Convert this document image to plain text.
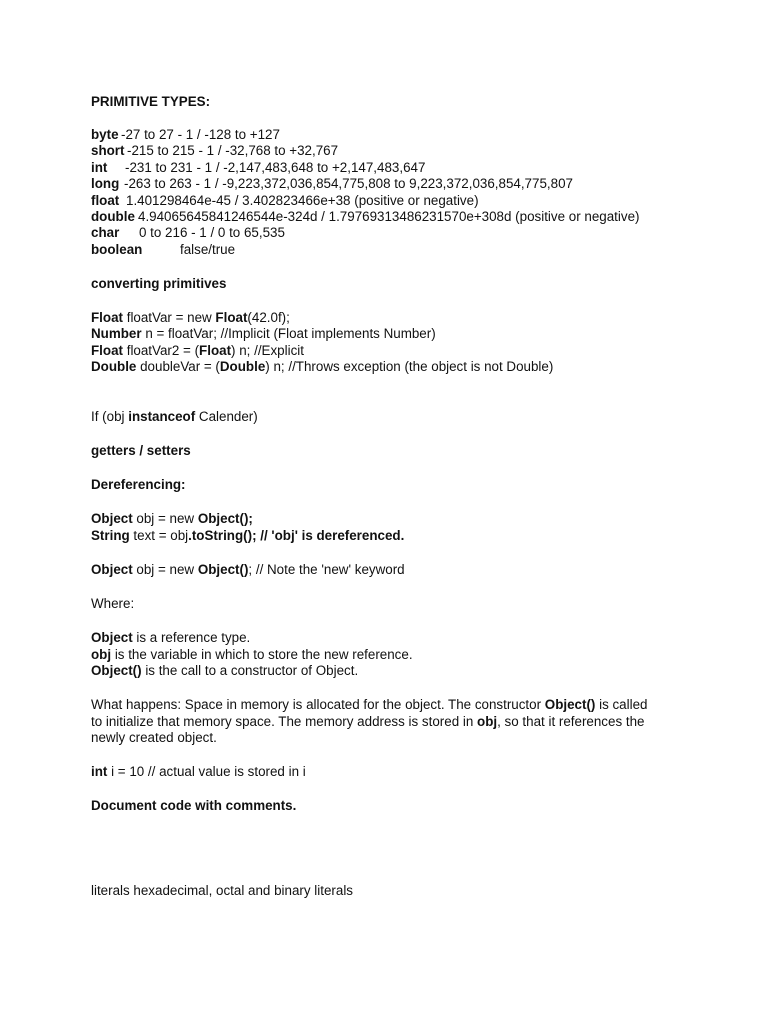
PRIMITIVE TYPES:
byte -27 to 27 - 1 / -128 to +127
short -215 to 215 - 1 / -32,768 to +32,767
int -231 to 231 - 1 / -2,147,483,648 to +2,147,483,647
long -263 to 263 - 1 / -9,223,372,036,854,775,808 to 9,223,372,036,854,775,807
float 1.401298464e-45 / 3.402823466e+38 (positive or negative)
double 4.94065645841246544e-324d / 1.79769313486231570e+308d (positive or negative)
char 0 to 216 - 1 / 0 to 65,535
boolean	false/true
converting primitives
Float floatVar = new Float(42.0f);
Number n = floatVar; //Implicit (Float implements Number)
Float floatVar2 = (Float) n; //Explicit
Double doubleVar = (Double) n; //Throws exception (the object is not Double)
If (obj instanceof Calender)
getters / setters
Dereferencing:
Object obj = new Object();
String text = obj.toString(); // 'obj' is dereferenced.
Object obj = new Object(); // Note the 'new' keyword
Where:
Object is a reference type.
obj is the variable in which to store the new reference.
Object() is the call to a constructor of Object.
What happens: Space in memory is allocated for the object. The constructor Object() is called
to initialize that memory space. The memory address is stored in obj, so that it references the
newly created object.
int i = 10 // actual value is stored in i
Document code with comments.
literals hexadecimal, octal and binary literals
